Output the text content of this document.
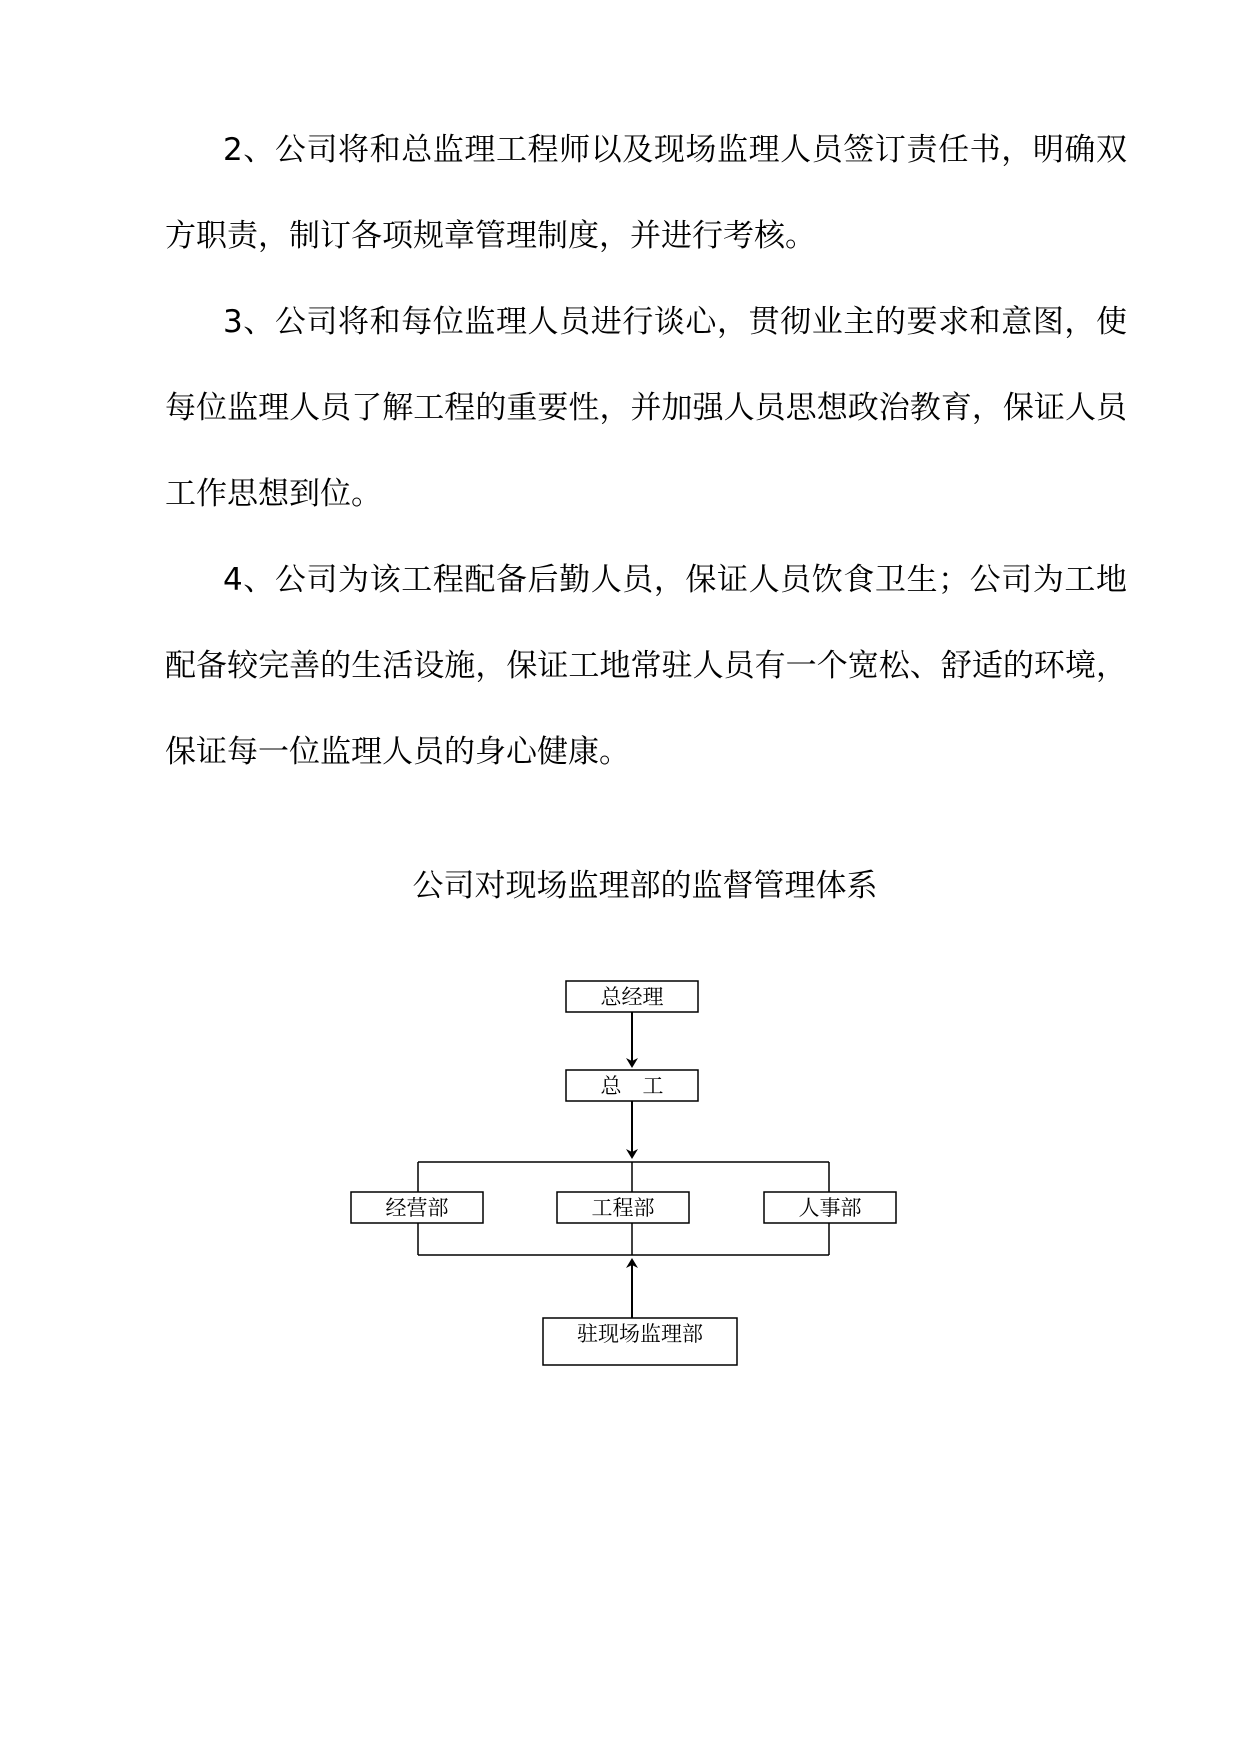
2、公司将和总监理工程师以及现场监理人员签订责任书，明确双方职责，制订各项规章管理制度，并进行考核。

3、公司将和每位监理人员进行谈心，贯彻业主的要求和意图，使每位监理人员了解工程的重要性，并加强人员思想政治教育，保证人员工作思想到位。

4、公司为该工程配备后勤人员，保证人员饮食卫生；公司为工地配备较完善的生活设施，保证工地常驻人员有一个宽松、舒适的环境，保证每一位监理人员的身心健康。

公司对现场监理部的监督管理体系

总经理
总　工
经营部	工程部	人事部
驻现场监理部
